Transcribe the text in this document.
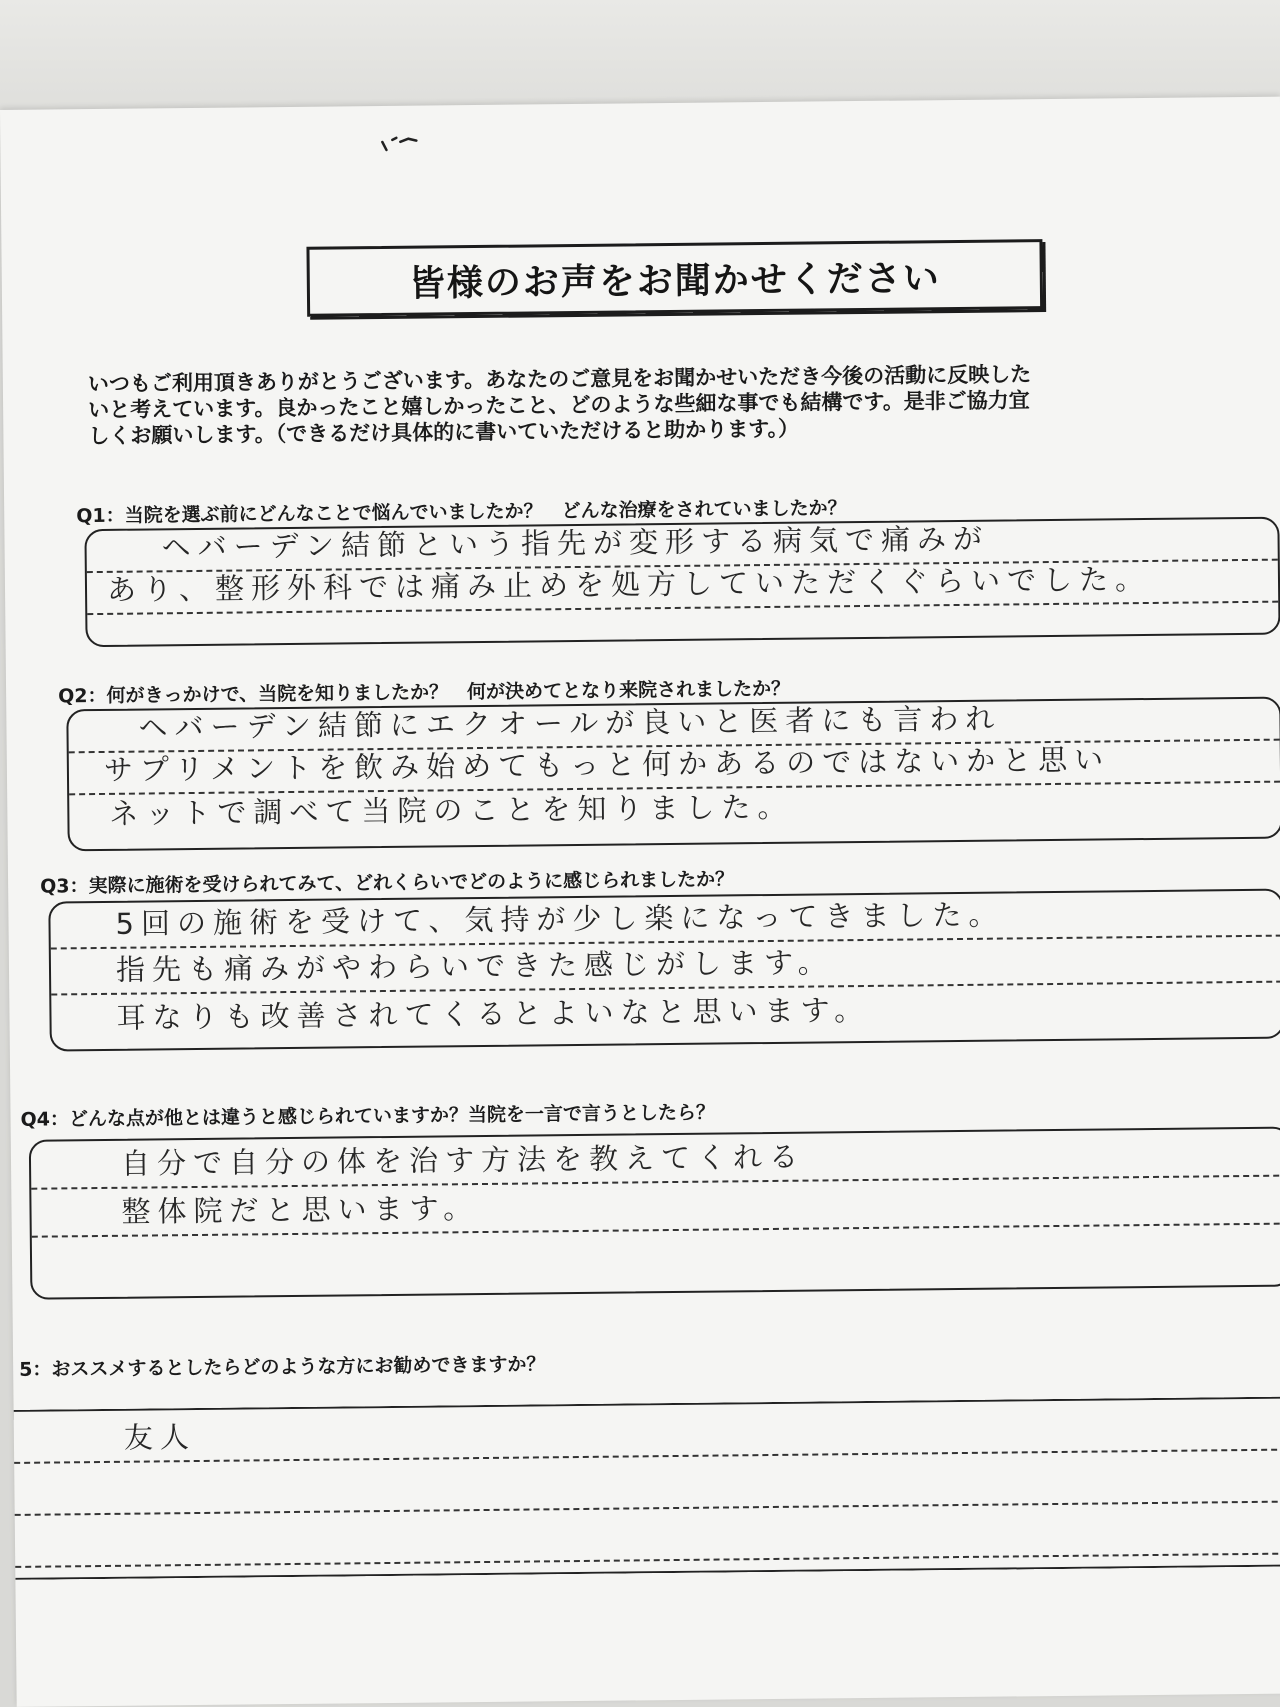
皆様のお声をお聞かせください

いつもご利用頂きありがとうございます。あなたのご意見をお聞かせいただき今後の活動に反映した
いと考えています。良かったこと嬉しかったこと、どのような些細な事でも結構です。是非ご協力宜
しくお願いします。（できるだけ具体的に書いていただけると助かります。）

Q1：当院を選ぶ前にどんなことで悩んでいましたか？　どんな治療をされていましたか？

ヘバーデン結節という指先が変形する病気で痛みが
あり、整形外科では痛み止めを処方していただくぐらいでした。

Q2：何がきっかけで、当院を知りましたか？　何が決めてとなり来院されましたか？

ヘバーデン結節にエクオールが良いと医者にも言われ
サプリメントを飲み始めてもっと何かあるのではないかと思い
ネットで調べて当院のことを知りました。

Q3：実際に施術を受けられてみて、どれくらいでどのように感じられましたか？

5回の施術を受けて、気持が少し楽になってきました。
指先も痛みがやわらいできた感じがします。
耳なりも改善されてくるとよいなと思います。

Q4：どんな点が他とは違うと感じられていますか？当院を一言で言うとしたら？

自分で自分の体を治す方法を教えてくれる
整体院だと思います。

5：おススメするとしたらどのような方にお勧めできますか？

友人
